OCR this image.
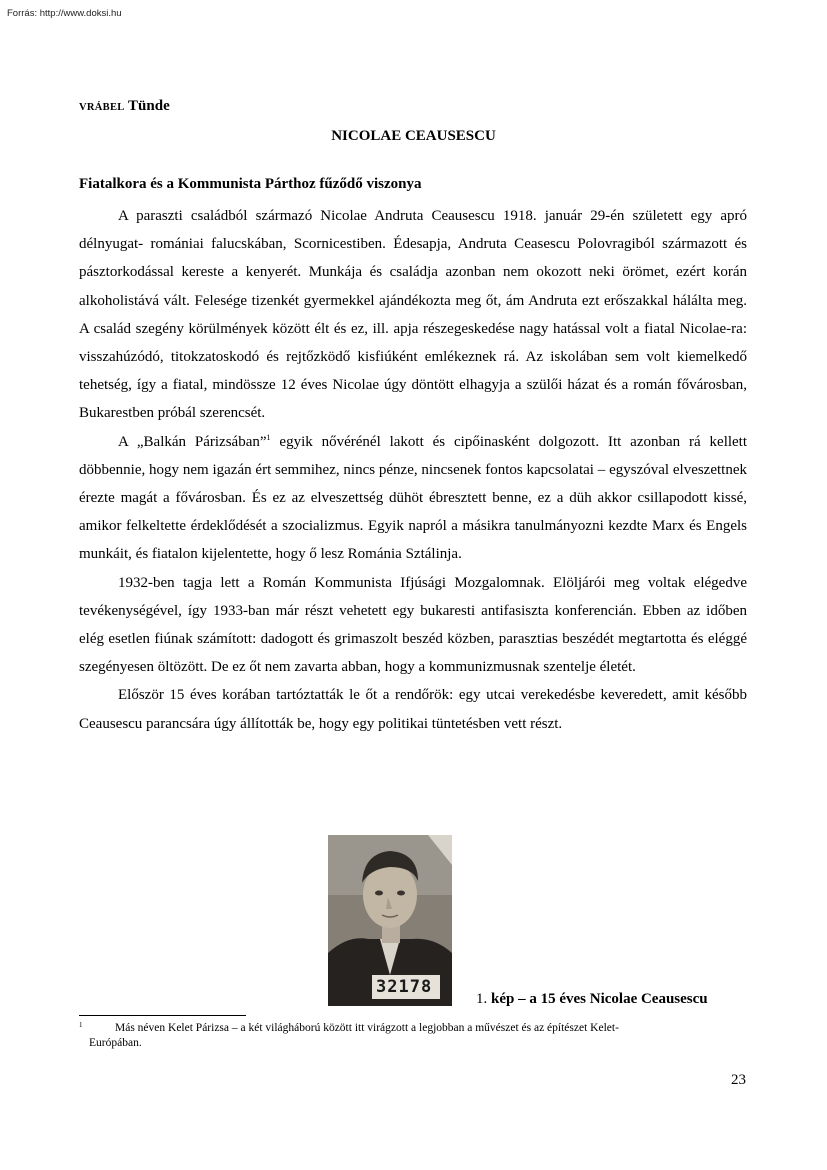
Forrás: http://www.doksi.hu
VRÁBEL Tünde
NICOLAE CEAUSESCU
Fiatalkora és a Kommunista Párthoz fűződő viszonya

A paraszti családból származó Nicolae Andruta Ceausescu 1918. január 29-én született egy apró délnyugat- romániai falucskában, Scornicestiben. Édesapja, Andruta Ceasescu Polovragiból származott és pásztorkodással kereste a kenyerét. Munkája és családja azonban nem okozott neki örömet, ezért korán alkoholistává vált. Felesége tizenkét gyermekkel ajándékozta meg őt, ám Andruta ezt erőszakkal hálálta meg. A család szegény körülmények között élt és ez, ill. apja részegeskedése nagy hatással volt a fiatal Nicolae-ra: visszahúzódó, titokzatoskodó és rejtőzködő kisfiúként emlékeznek rá. Az iskolában sem volt kiemelkedő tehetség, így a fiatal, mindössze 12 éves Nicolae úgy döntött elhagyja a szülői házat és a román fővárosban, Bukarestben próbál szerencsét.

A „Balkán Párizsában”$^1$ egyik nővérénél lakott és cipőinasként dolgozott. Itt azonban rá kellett döbbennie, hogy nem igazán ért semmihez, nincs pénze, nincsenek fontos kapcsolatai – egyszóval elveszettnek érezte magát a fővárosban. És ez az elveszettség dühöt ébresztett benne, ez a düh akkor csillapodott kissé, amikor felkeltette érdeklődését a szocializmus. Egyik napról a másikra tanulmányozni kezdte Marx és Engels munkáit, és fiatalon kijelentette, hogy ő lesz Románia Sztálinja.

1932-ben tagja lett a Román Kommunista Ifjúsági Mozgalomnak. Elöljárói meg voltak elégedve tevékenységével, így 1933-ban már részt vehetett egy bukaresti antifasiszta konferencián. Ebben az időben elég esetlen fiúnak számított: dadogott és grimaszolt beszéd közben, parasztias beszédét megtartotta és eléggé szegényesen öltözött. De ez őt nem zavarta abban, hogy a kommunizmusnak szentelje életét.

Először 15 éves korában tartóztatták le őt a rendőrök: egy utcai verekedésbe keveredett, amit később Ceausescu parancsára úgy állították be, hogy egy politikai tüntetésben vett részt.

32178
1. kép – a 15 éves Nicolae Ceausescu
1	Más néven Kelet Párizsa – a két világháború között itt virágzott a legjobban a művészet és az építészet Kelet-
Európában.
23
